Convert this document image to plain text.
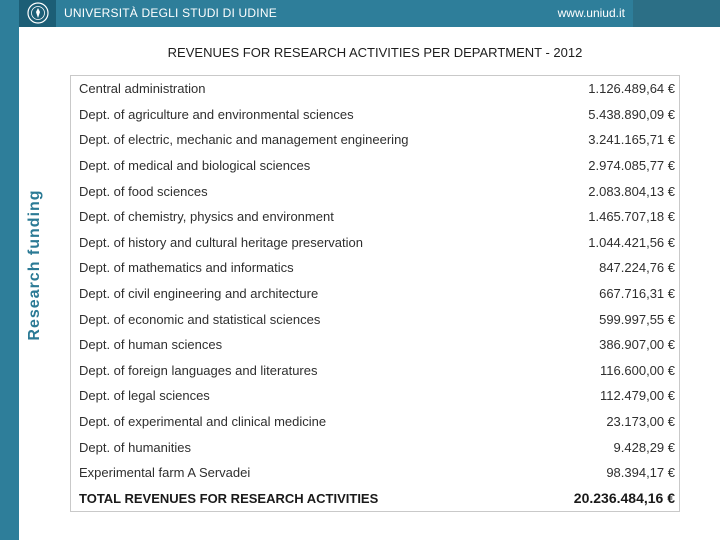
UNIVERSITÀ DEGLI STUDI DI UDINE	www.uniud.it
Research funding
REVENUES FOR RESEARCH ACTIVITIES PER DEPARTMENT - 2012
Central administration	1.126.489,64 €
Dept. of agriculture and environmental sciences	5.438.890,09 €
Dept. of electric, mechanic and management engineering	3.241.165,71 €
Dept. of medical and biological sciences	2.974.085,77 €
Dept. of food sciences	2.083.804,13 €
Dept. of chemistry, physics and environment	1.465.707,18 €
Dept. of history and cultural heritage preservation	1.044.421,56 €
Dept. of mathematics and informatics	847.224,76 €
Dept. of civil engineering and architecture	667.716,31 €
Dept. of economic and statistical sciences	599.997,55 €
Dept. of human sciences	386.907,00 €
Dept. of foreign languages and literatures	116.600,00 €
Dept. of legal sciences	112.479,00 €
Dept. of experimental and clinical medicine	23.173,00 €
Dept. of humanities	9.428,29 €
Experimental farm A Servadei	98.394,17 €
TOTAL REVENUES FOR RESEARCH ACTIVITIES	20.236.484,16 €
